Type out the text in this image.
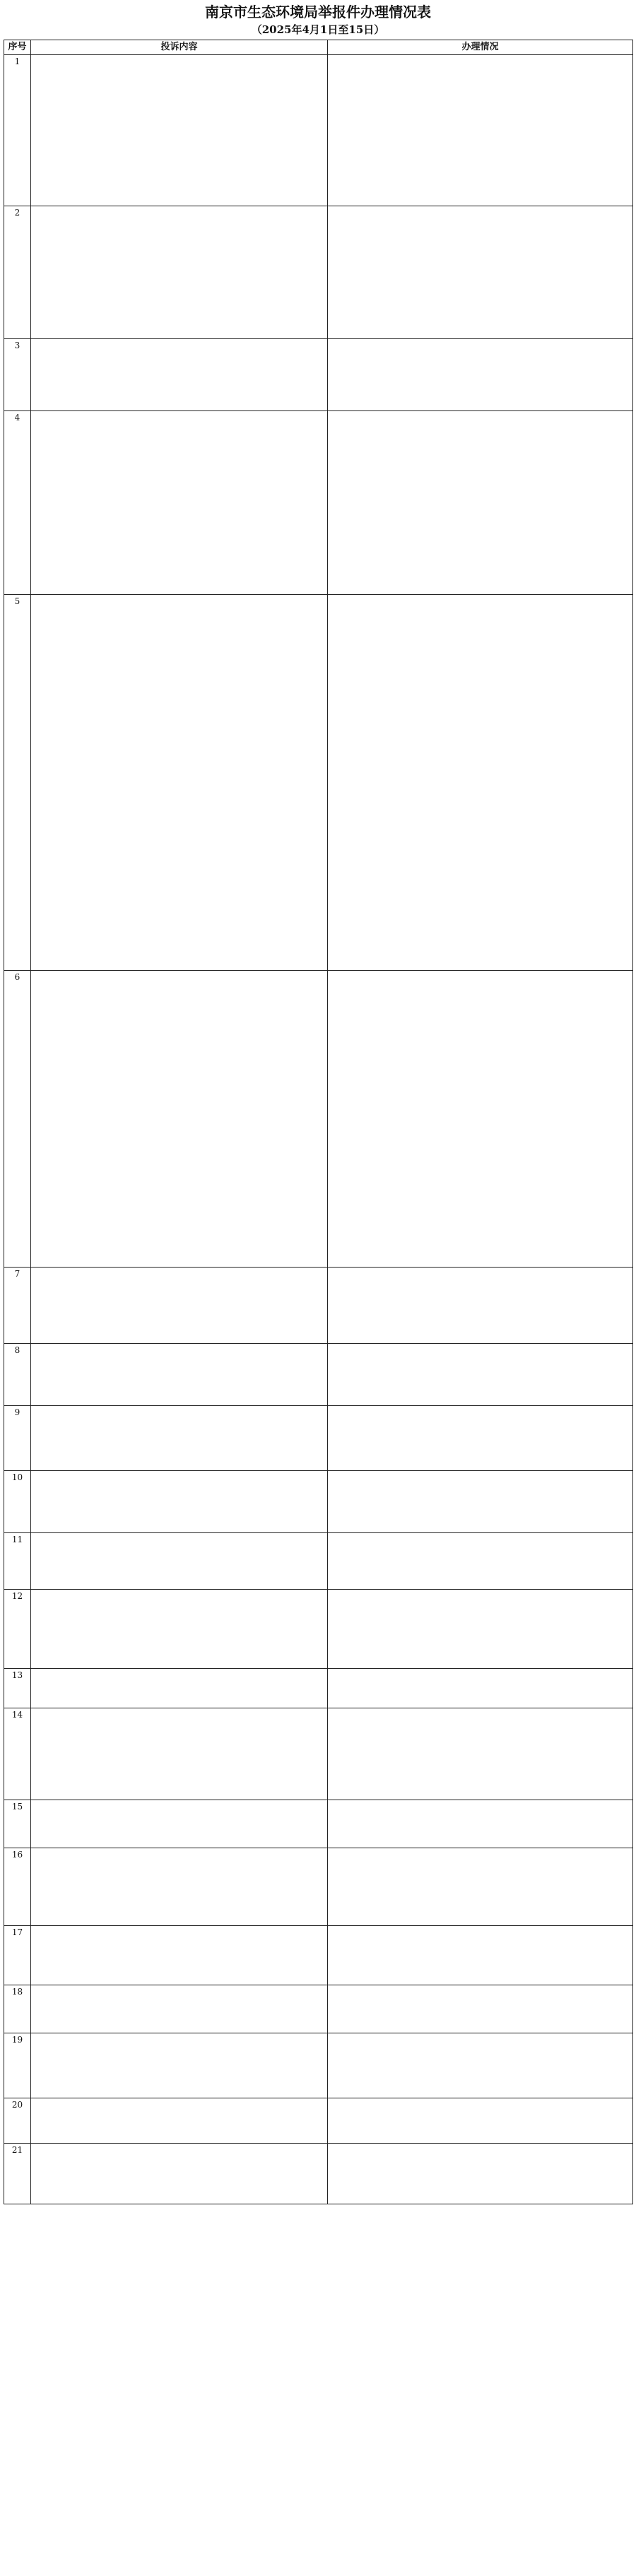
南京市生态环境局举报件办理情况表
（2025年4月1日至15日）
序号	投诉内容	办理情况
1		
2		
3		
4		
5		
6		
7		
8		
9		
10		
11		
12		
13		
14		
15		
16		
17		
18		
19		
20		
21		
